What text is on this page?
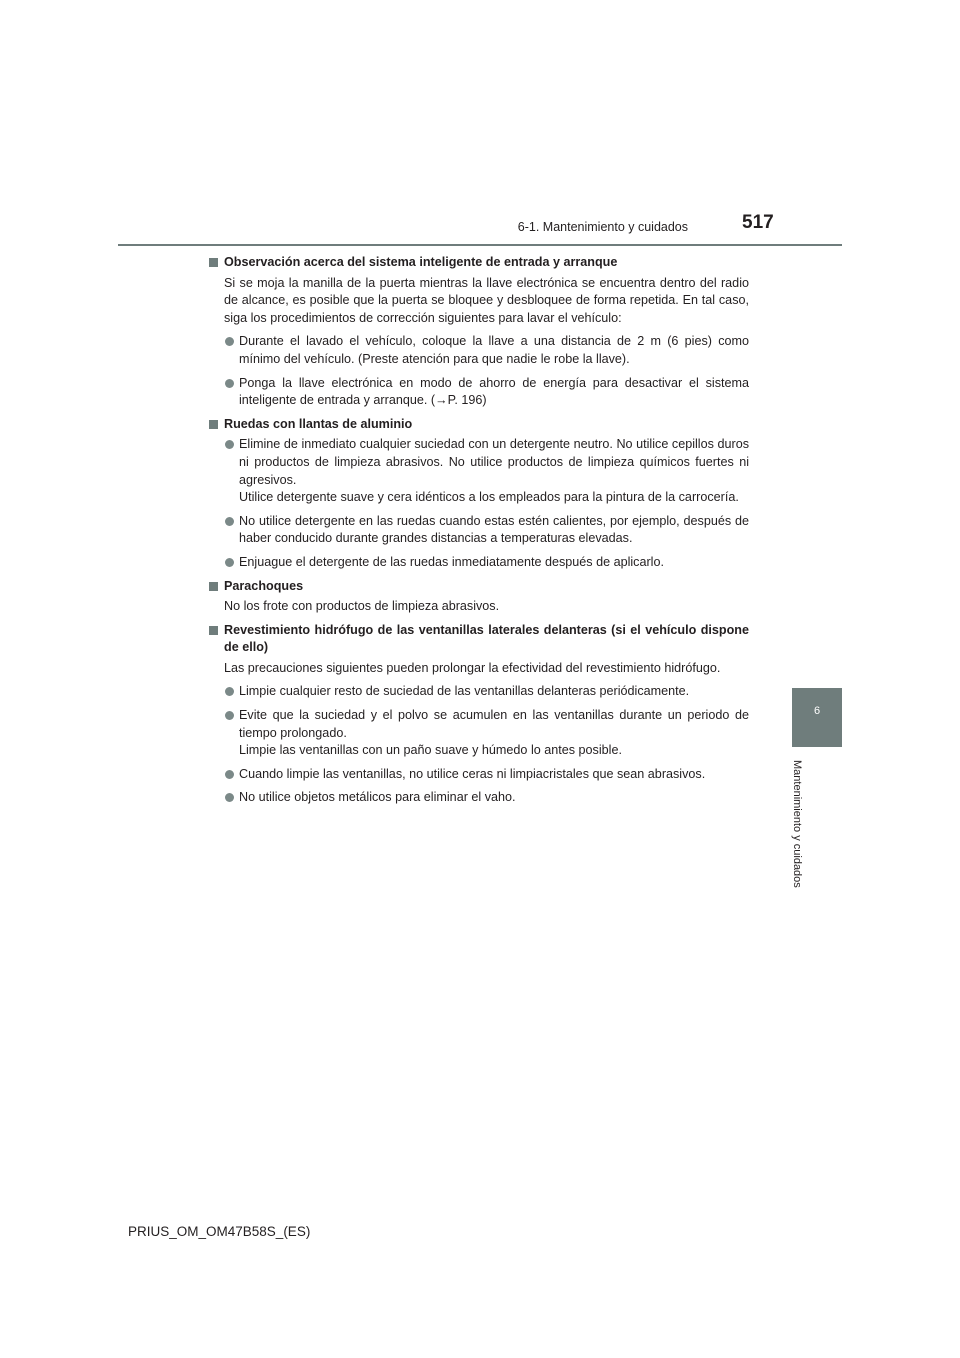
6-1. Mantenimiento y cuidados	517
6
Mantenimiento y cuidados
Observación acerca del sistema inteligente de entrada y arranque
Si se moja la manilla de la puerta mientras la llave electrónica se encuentra dentro del radio de alcance, es posible que la puerta se bloquee y desbloquee de forma repetida. En tal caso, siga los procedimientos de corrección siguientes para lavar el vehículo:
Durante el lavado el vehículo, coloque la llave a una distancia de 2 m (6 pies) como mínimo del vehículo. (Preste atención para que nadie le robe la llave).
Ponga la llave electrónica en modo de ahorro de energía para desactivar el sistema inteligente de entrada y arranque. (→P. 196)
Ruedas con llantas de aluminio
Elimine de inmediato cualquier suciedad con un detergente neutro. No utilice cepillos duros ni productos de limpieza abrasivos. No utilice productos de limpieza químicos fuertes ni agresivos.
Utilice detergente suave y cera idénticos a los empleados para la pintura de la carrocería.
No utilice detergente en las ruedas cuando estas estén calientes, por ejemplo, después de haber conducido durante grandes distancias a temperaturas elevadas.
Enjuague el detergente de las ruedas inmediatamente después de aplicarlo.
Parachoques
No los frote con productos de limpieza abrasivos.
Revestimiento hidrófugo de las ventanillas laterales delanteras (si el vehículo dispone de ello)
Las precauciones siguientes pueden prolongar la efectividad del revestimiento hidrófugo.
Limpie cualquier resto de suciedad de las ventanillas delanteras periódicamente.
Evite que la suciedad y el polvo se acumulen en las ventanillas durante un periodo de tiempo prolongado.
Limpie las ventanillas con un paño suave y húmedo lo antes posible.
Cuando limpie las ventanillas, no utilice ceras ni limpiacristales que sean abrasivos.
No utilice objetos metálicos para eliminar el vaho.
PRIUS_OM_OM47B58S_(ES)
